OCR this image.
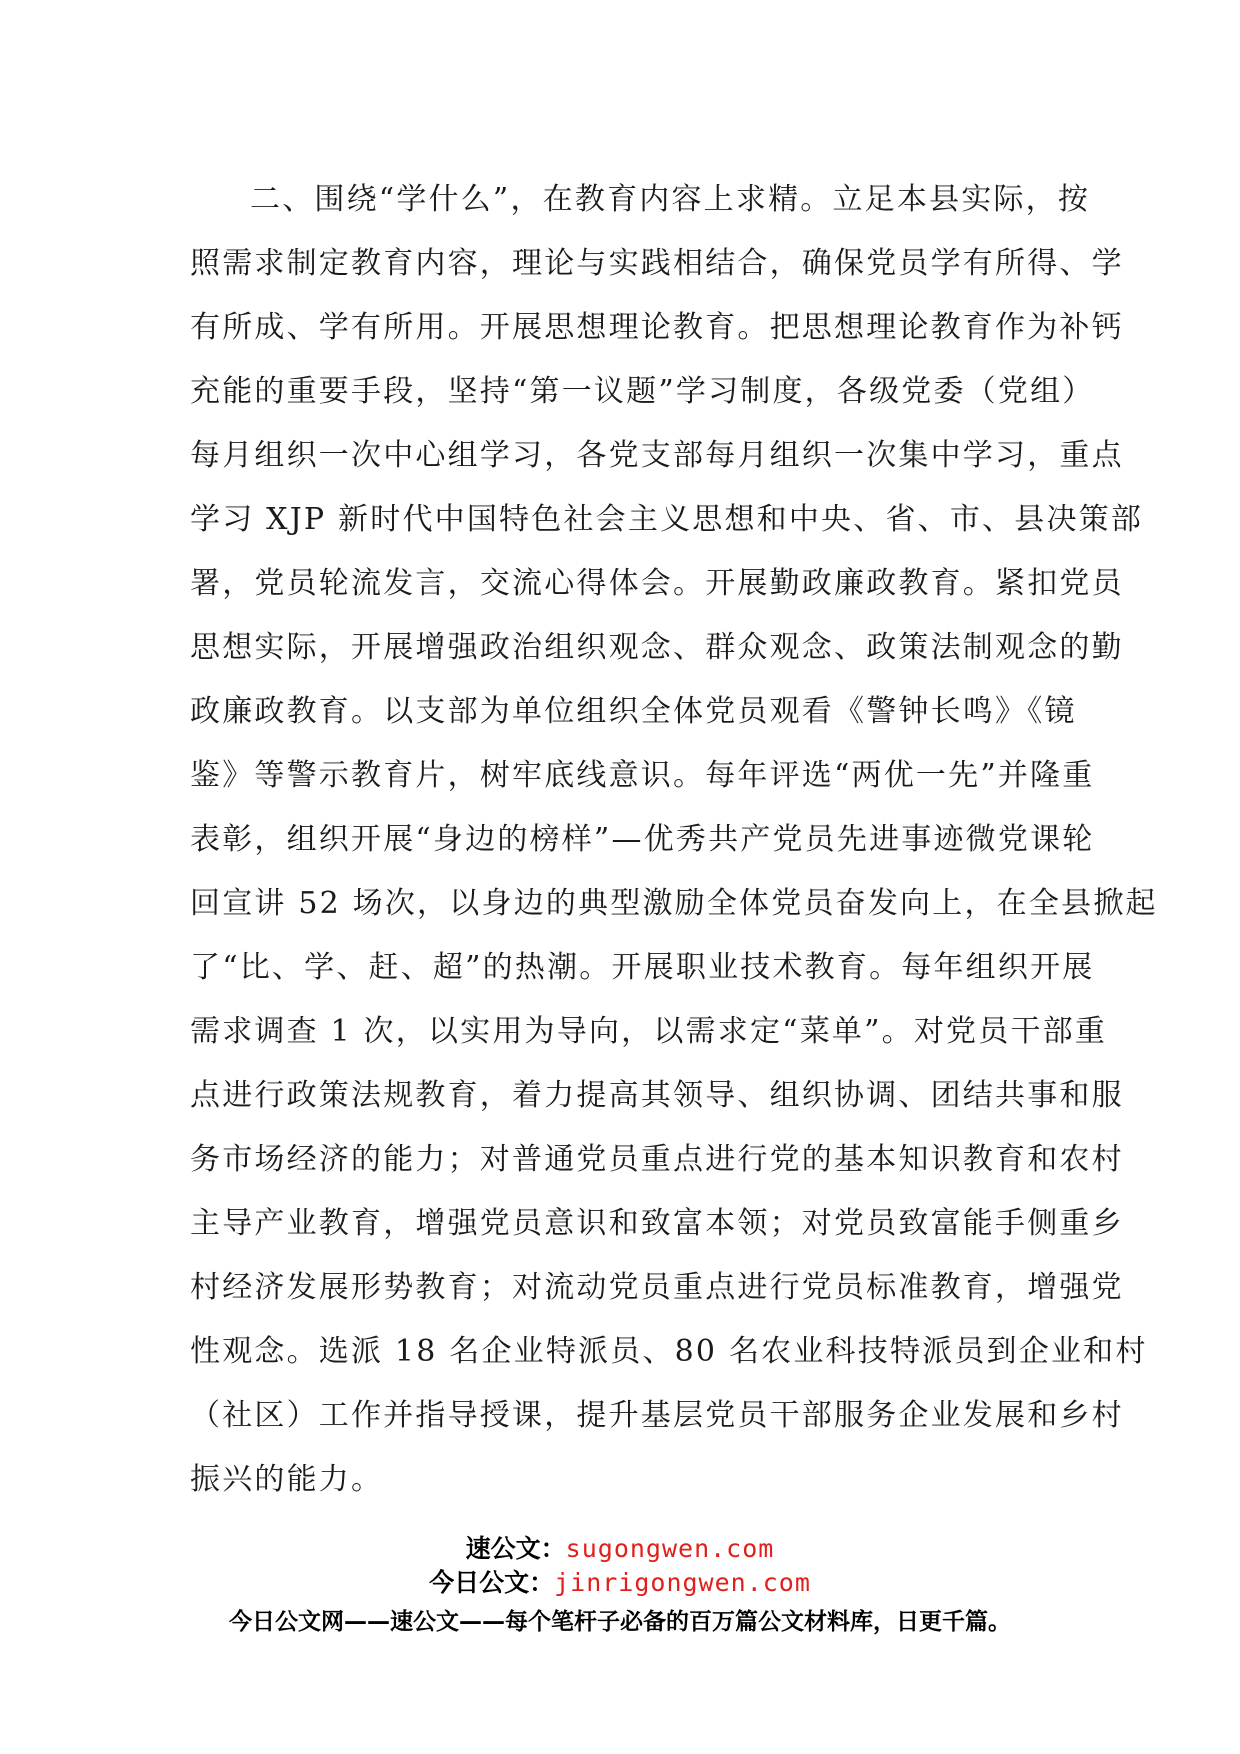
二、围绕“学什么”，在教育内容上求精。立足本县实际，按
照需求制定教育内容，理论与实践相结合，确保党员学有所得、学
有所成、学有所用。开展思想理论教育。把思想理论教育作为补钙
充能的重要手段，坚持“第一议题”学习制度，各级党委（党组）
每月组织一次中心组学习，各党支部每月组织一次集中学习，重点
学习 XJP 新时代中国特色社会主义思想和中央、省、市、县决策部
署，党员轮流发言，交流心得体会。开展勤政廉政教育。紧扣党员
思想实际，开展增强政治组织观念、群众观念、政策法制观念的勤
政廉政教育。以支部为单位组织全体党员观看《警钟长鸣》《镜
鉴》等警示教育片，树牢底线意识。每年评选“两优一先”并隆重
表彰，组织开展“身边的榜样”—优秀共产党员先进事迹微党课轮
回宣讲 52 场次，以身边的典型激励全体党员奋发向上，在全县掀起
了“比、学、赶、超”的热潮。开展职业技术教育。每年组织开展
需求调查 1 次，以实用为导向，以需求定“菜单”。对党员干部重
点进行政策法规教育，着力提高其领导、组织协调、团结共事和服
务市场经济的能力；对普通党员重点进行党的基本知识教育和农村
主导产业教育，增强党员意识和致富本领；对党员致富能手侧重乡
村经济发展形势教育；对流动党员重点进行党员标准教育，增强党
性观念。选派 18 名企业特派员、80 名农业科技特派员到企业和村
（社区）工作并指导授课，提升基层党员干部服务企业发展和乡村
振兴的能力。
速公文：sugongwen.com
今日公文：jinrigongwen.com
今日公文网——速公文——每个笔杆子必备的百万篇公文材料库，日更千篇。
